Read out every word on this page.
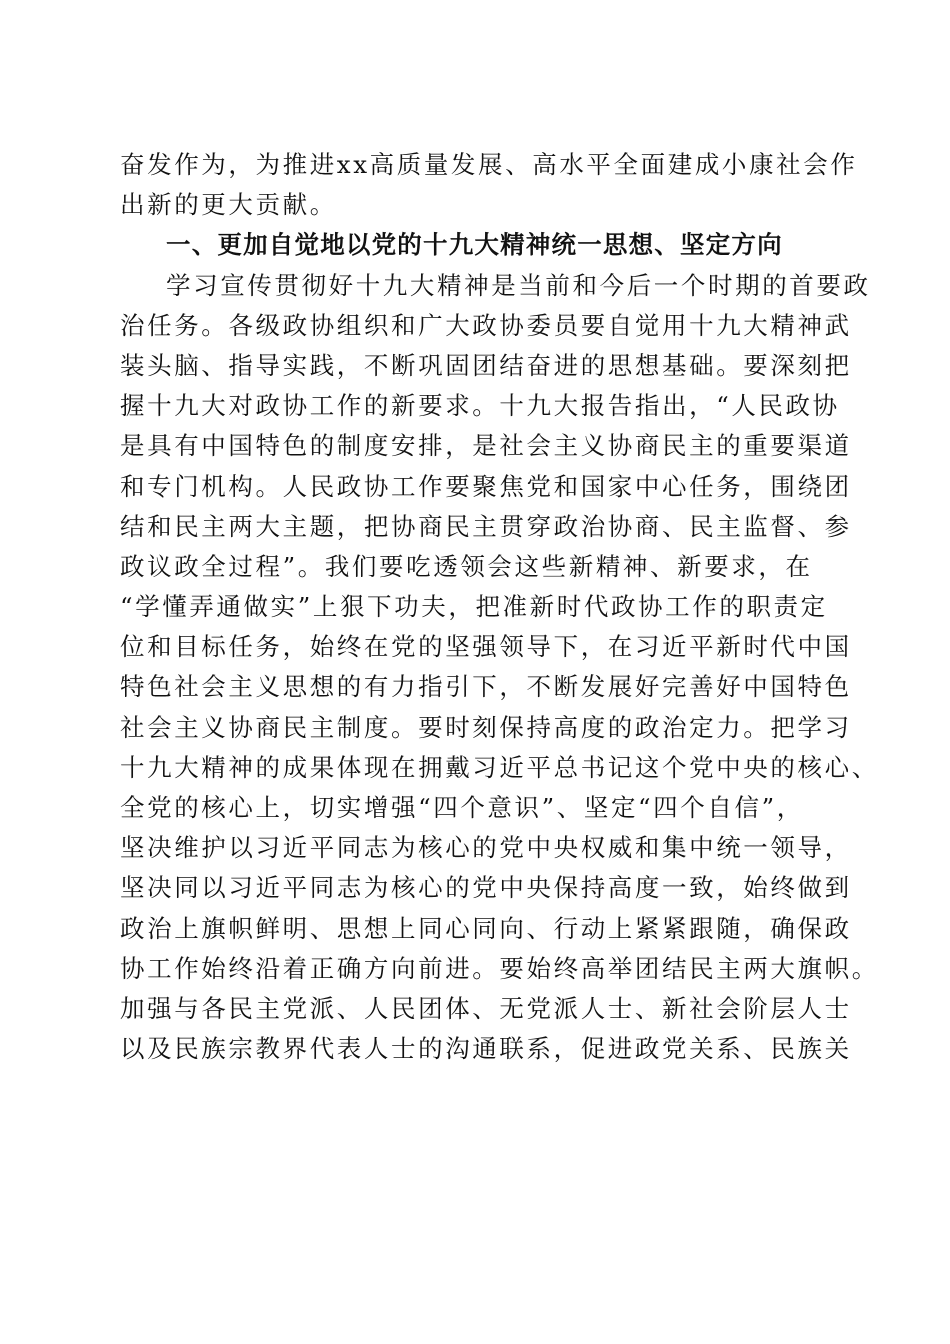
奋发作为，为推进xx高质量发展、高水平全面建成小康社会作
出新的更大贡献。
一、更加自觉地以党的十九大精神统一思想、坚定方向
学习宣传贯彻好十九大精神是当前和今后一个时期的首要政
治任务。各级政协组织和广大政协委员要自觉用十九大精神武
装头脑、指导实践，不断巩固团结奋进的思想基础。要深刻把
握十九大对政协工作的新要求。十九大报告指出，“人民政协
是具有中国特色的制度安排，是社会主义协商民主的重要渠道
和专门机构。人民政协工作要聚焦党和国家中心任务，围绕团
结和民主两大主题，把协商民主贯穿政治协商、民主监督、参
政议政全过程”。我们要吃透领会这些新精神、新要求，在
“学懂弄通做实”上狠下功夫，把准新时代政协工作的职责定
位和目标任务，始终在党的坚强领导下，在习近平新时代中国
特色社会主义思想的有力指引下，不断发展好完善好中国特色
社会主义协商民主制度。要时刻保持高度的政治定力。把学习
十九大精神的成果体现在拥戴习近平总书记这个党中央的核心、
全党的核心上，切实增强“四个意识”、坚定“四个自信”，
坚决维护以习近平同志为核心的党中央权威和集中统一领导，
坚决同以习近平同志为核心的党中央保持高度一致，始终做到
政治上旗帜鲜明、思想上同心同向、行动上紧紧跟随，确保政
协工作始终沿着正确方向前进。要始终高举团结民主两大旗帜。
加强与各民主党派、人民团体、无党派人士、新社会阶层人士
以及民族宗教界代表人士的沟通联系，促进政党关系、民族关
